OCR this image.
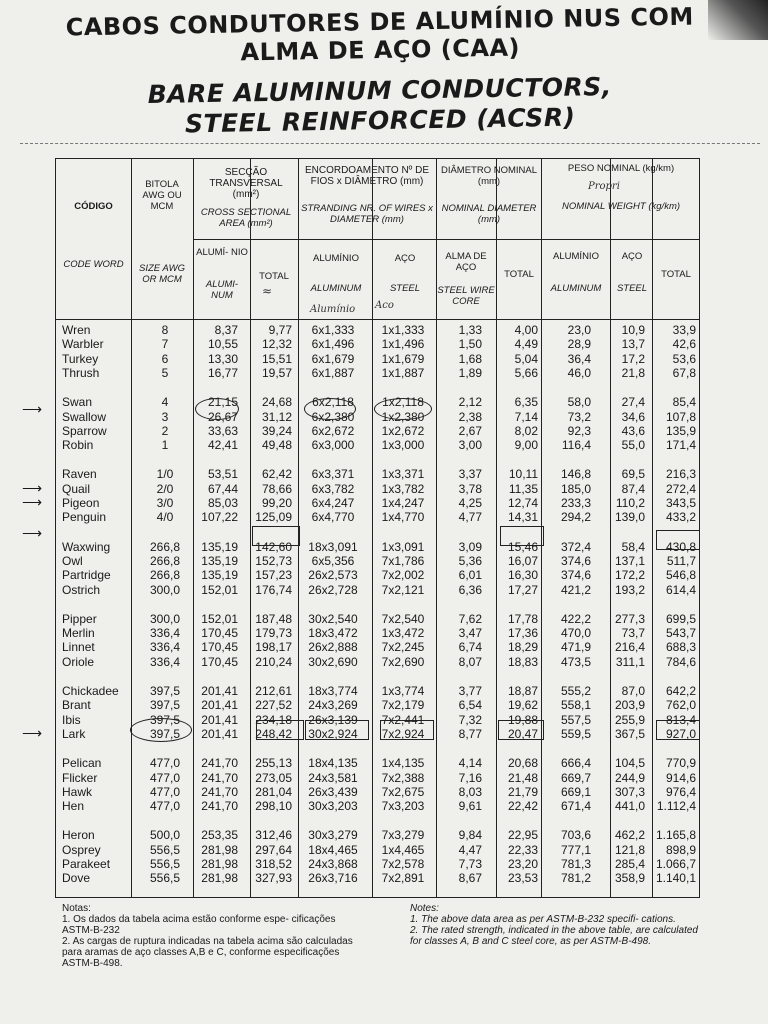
CABOS CONDUTORES DE ALUMÍNIO NUS COM
ALMA DE AÇO (CAA)
BARE ALUMINUM CONDUCTORS,
STEEL REINFORCED (ACSR)
CÓDIGO
CODE WORD
BITOLA AWG OU MCM
SIZE AWG OR MCM
SECÇÃO TRANSVERSAL (mm²)
CROSS SECTIONAL AREA (mm²)
ALUMÍ- NIO
ALUMI- NUM
TOTAL
ENCORDOAMENTO Nº DE FIOS x DIÂMETRO (mm)
STRANDING NR. OF WIRES x DIAMETER (mm)
ALUMÍNIO
ALUMINUM
AÇO
STEEL
DIÂMETRO NOMINAL (mm)
NOMINAL DIAMETER (mm)
ALMA DE AÇO
STEEL WIRE CORE
TOTAL
PESO NOMINAL (kg/km)
NOMINAL WEIGHT (kg/km)
ALUMÍNIO
ALUMINUM
AÇO
STEEL
TOTAL
Propri
Alumínio Aco
≈
Wren	8	8,37	9,77	6x1,333	1x1,333	1,33	4,00	23,0	10,9	33,9
Warbler	7	10,55	12,32	6x1,496	1x1,496	1,50	4,49	28,9	13,7	42,6
Turkey	6	13,30	15,51	6x1,679	1x1,679	1,68	5,04	36,4	17,2	53,6
Thrush	5	16,77	19,57	6x1,887	1x1,887	1,89	5,66	46,0	21,8	67,8
Swan	4	21,15	24,68	6x2,118	1x2,118	2,12	6,35	58,0	27,4	85,4
Swallow	3	26,67	31,12	6x2,380	1x2,380	2,38	7,14	73,2	34,6	107,8
Sparrow	2	33,63	39,24	6x2,672	1x2,672	2,67	8,02	92,3	43,6	135,9
Robin	1	42,41	49,48	6x3,000	1x3,000	3,00	9,00	116,4	55,0	171,4
Raven	1/0	53,51	62,42	6x3,371	1x3,371	3,37	10,11	146,8	69,5	216,3
Quail	2/0	67,44	78,66	6x3,782	1x3,782	3,78	11,35	185,0	87,4	272,4
Pigeon	3/0	85,03	99,20	6x4,247	1x4,247	4,25	12,74	233,3	110,2	343,5
Penguin	4/0	107,22	125,09	6x4,770	1x4,770	4,77	14,31	294,2	139,0	433,2
Waxwing	266,8	135,19	142,60	18x3,091	1x3,091	3,09	15,46	372,4	58,4	430,8
Owl	266,8	135,19	152,73	6x5,356	7x1,786	5,36	16,07	374,6	137,1	511,7
Partridge	266,8	135,19	157,23	26x2,573	7x2,002	6,01	16,30	374,6	172,2	546,8
Ostrich	300,0	152,01	176,74	26x2,728	7x2,121	6,36	17,27	421,2	193,2	614,4
Pipper	300,0	152,01	187,48	30x2,540	7x2,540	7,62	17,78	422,2	277,3	699,5
Merlin	336,4	170,45	179,73	18x3,472	1x3,472	3,47	17,36	470,0	73,7	543,7
Linnet	336,4	170,45	198,17	26x2,888	7x2,245	6,74	18,29	471,9	216,4	688,3
Oriole	336,4	170,45	210,24	30x2,690	7x2,690	8,07	18,83	473,5	311,1	784,6
Chickadee	397,5	201,41	212,61	18x3,774	1x3,774	3,77	18,87	555,2	87,0	642,2
Brant	397,5	201,41	227,52	24x3,269	7x2,179	6,54	19,62	558,1	203,9	762,0
Ibis	397,5	201,41	234,18	26x3,139	7x2,441	7,32	19,88	557,5	255,9	813,4
Lark	397,5	201,41	248,42	30x2,924	7x2,924	8,77	20,47	559,5	367,5	927,0
Pelican	477,0	241,70	255,13	18x4,135	1x4,135	4,14	20,68	666,4	104,5	770,9
Flicker	477,0	241,70	273,05	24x3,581	7x2,388	7,16	21,48	669,7	244,9	914,6
Hawk	477,0	241,70	281,04	26x3,439	7x2,675	8,03	21,79	669,1	307,3	976,4
Hen	477,0	241,70	298,10	30x3,203	7x3,203	9,61	22,42	671,4	441,0 1.112,4
Heron	500,0	253,35	312,46	30x3,279	7x3,279	9,84	22,95	703,6	462,2 1.165,8
Osprey	556,5	281,98	297,64	18x4,465	1x4,465	4,47	22,33	777,1	121,8	898,9
Parakeet	556,5	281,98	318,52	24x3,868	7x2,578	7,73	23,20	781,3	285,4 1.066,7
Dove	556,5	281,98	327,93	26x3,716	7x2,891	8,67	23,53	781,2	358,9 1.140,1
⟶
⟶
⟶
⟶
⟶
Notas:
1. Os dados da tabela acima estão conforme espe- cificações ASTM-B-232
2. As cargas de ruptura indicadas na tabela acima são calculadas para aramas de aço classes A,B e C, conforme especificações ASTM-B-498.
Notes:
1. The above data area as per ASTM-B-232 specifi- cations.
2. The rated strength, indicated in the above table, are calculated for classes A, B and C steel core, as per ASTM-B-498.
